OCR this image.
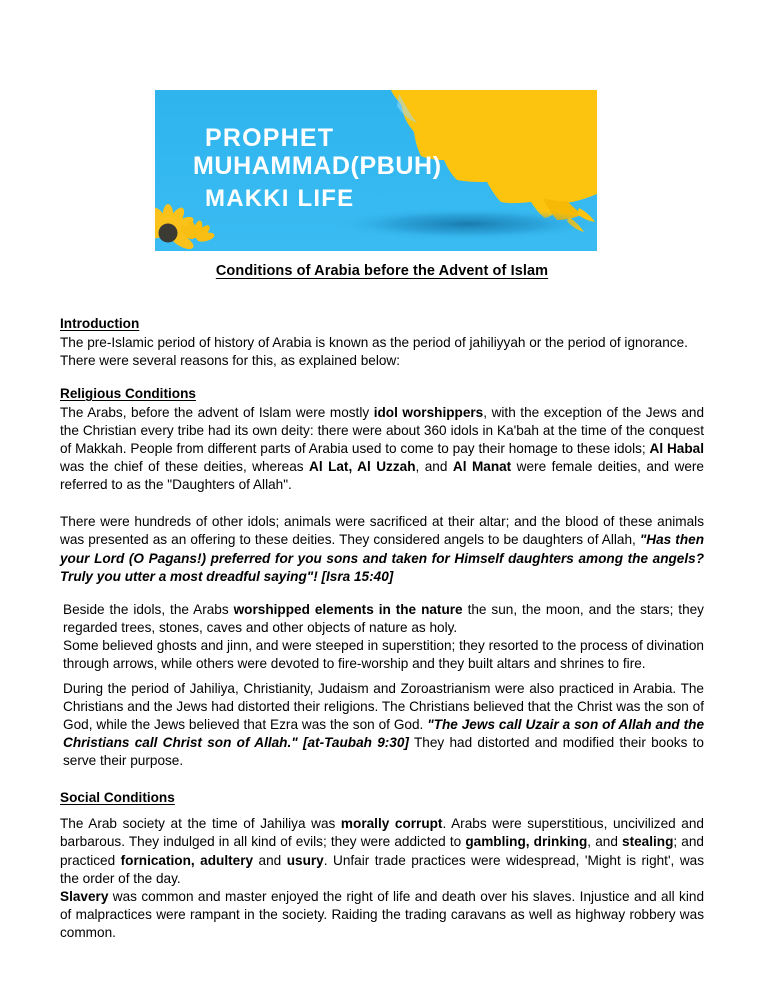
PROPHET
MUHAMMAD(PBUH)
MAKKI LIFE
Conditions of Arabia before the Advent of Islam
Introduction

The pre-Islamic period of history of Arabia is known as the period of jahiliyyah or the period of ignorance. There were several reasons for this, as explained below:

Religious Conditions

The Arabs, before the advent of Islam were mostly idol worshippers, with the exception of the Jews and the Christian every tribe had its own deity: there were about 360 idols in Ka'bah at the time of the conquest of Makkah. People from different parts of Arabia used to come to pay their homage to these idols; Al Habal was the chief of these deities, whereas Al Lat, Al Uzzah, and Al Manat were female deities, and were referred to as the "Daughters of Allah".

There were hundreds of other idols; animals were sacrificed at their altar; and the blood of these animals was presented as an offering to these deities. They considered angels to be daughters of Allah, "Has then your Lord (O Pagans!) preferred for you sons and taken for Himself daughters among the angels? Truly you utter a most dreadful saying"! [Isra 15:40]

Beside the idols, the Arabs worshipped elements in the nature the sun, the moon, and the stars; they regarded trees, stones, caves and other objects of nature as holy.

Some believed ghosts and jinn, and were steeped in superstition; they resorted to the process of divination through arrows, while others were devoted to fire-worship and they built altars and shrines to fire.

During the period of Jahiliya, Christianity, Judaism and Zoroastrianism were also practiced in Arabia. The Christians and the Jews had distorted their religions. The Christians believed that the Christ was the son of God, while the Jews believed that Ezra was the son of God. "The Jews call Uzair a son of Allah and the Christians call Christ son of Allah." [at-Taubah 9:30] They had distorted and modified their books to serve their purpose.

Social Conditions

The Arab society at the time of Jahiliya was morally corrupt. Arabs were superstitious, uncivilized and barbarous. They indulged in all kind of evils; they were addicted to gambling, drinking, and stealing; and practiced fornication, adultery and usury. Unfair trade practices were widespread, 'Might is right', was the order of the day.

Slavery was common and master enjoyed the right of life and death over his slaves. Injustice and all kind of malpractices were rampant in the society. Raiding the trading caravans as well as highway robbery was common.
